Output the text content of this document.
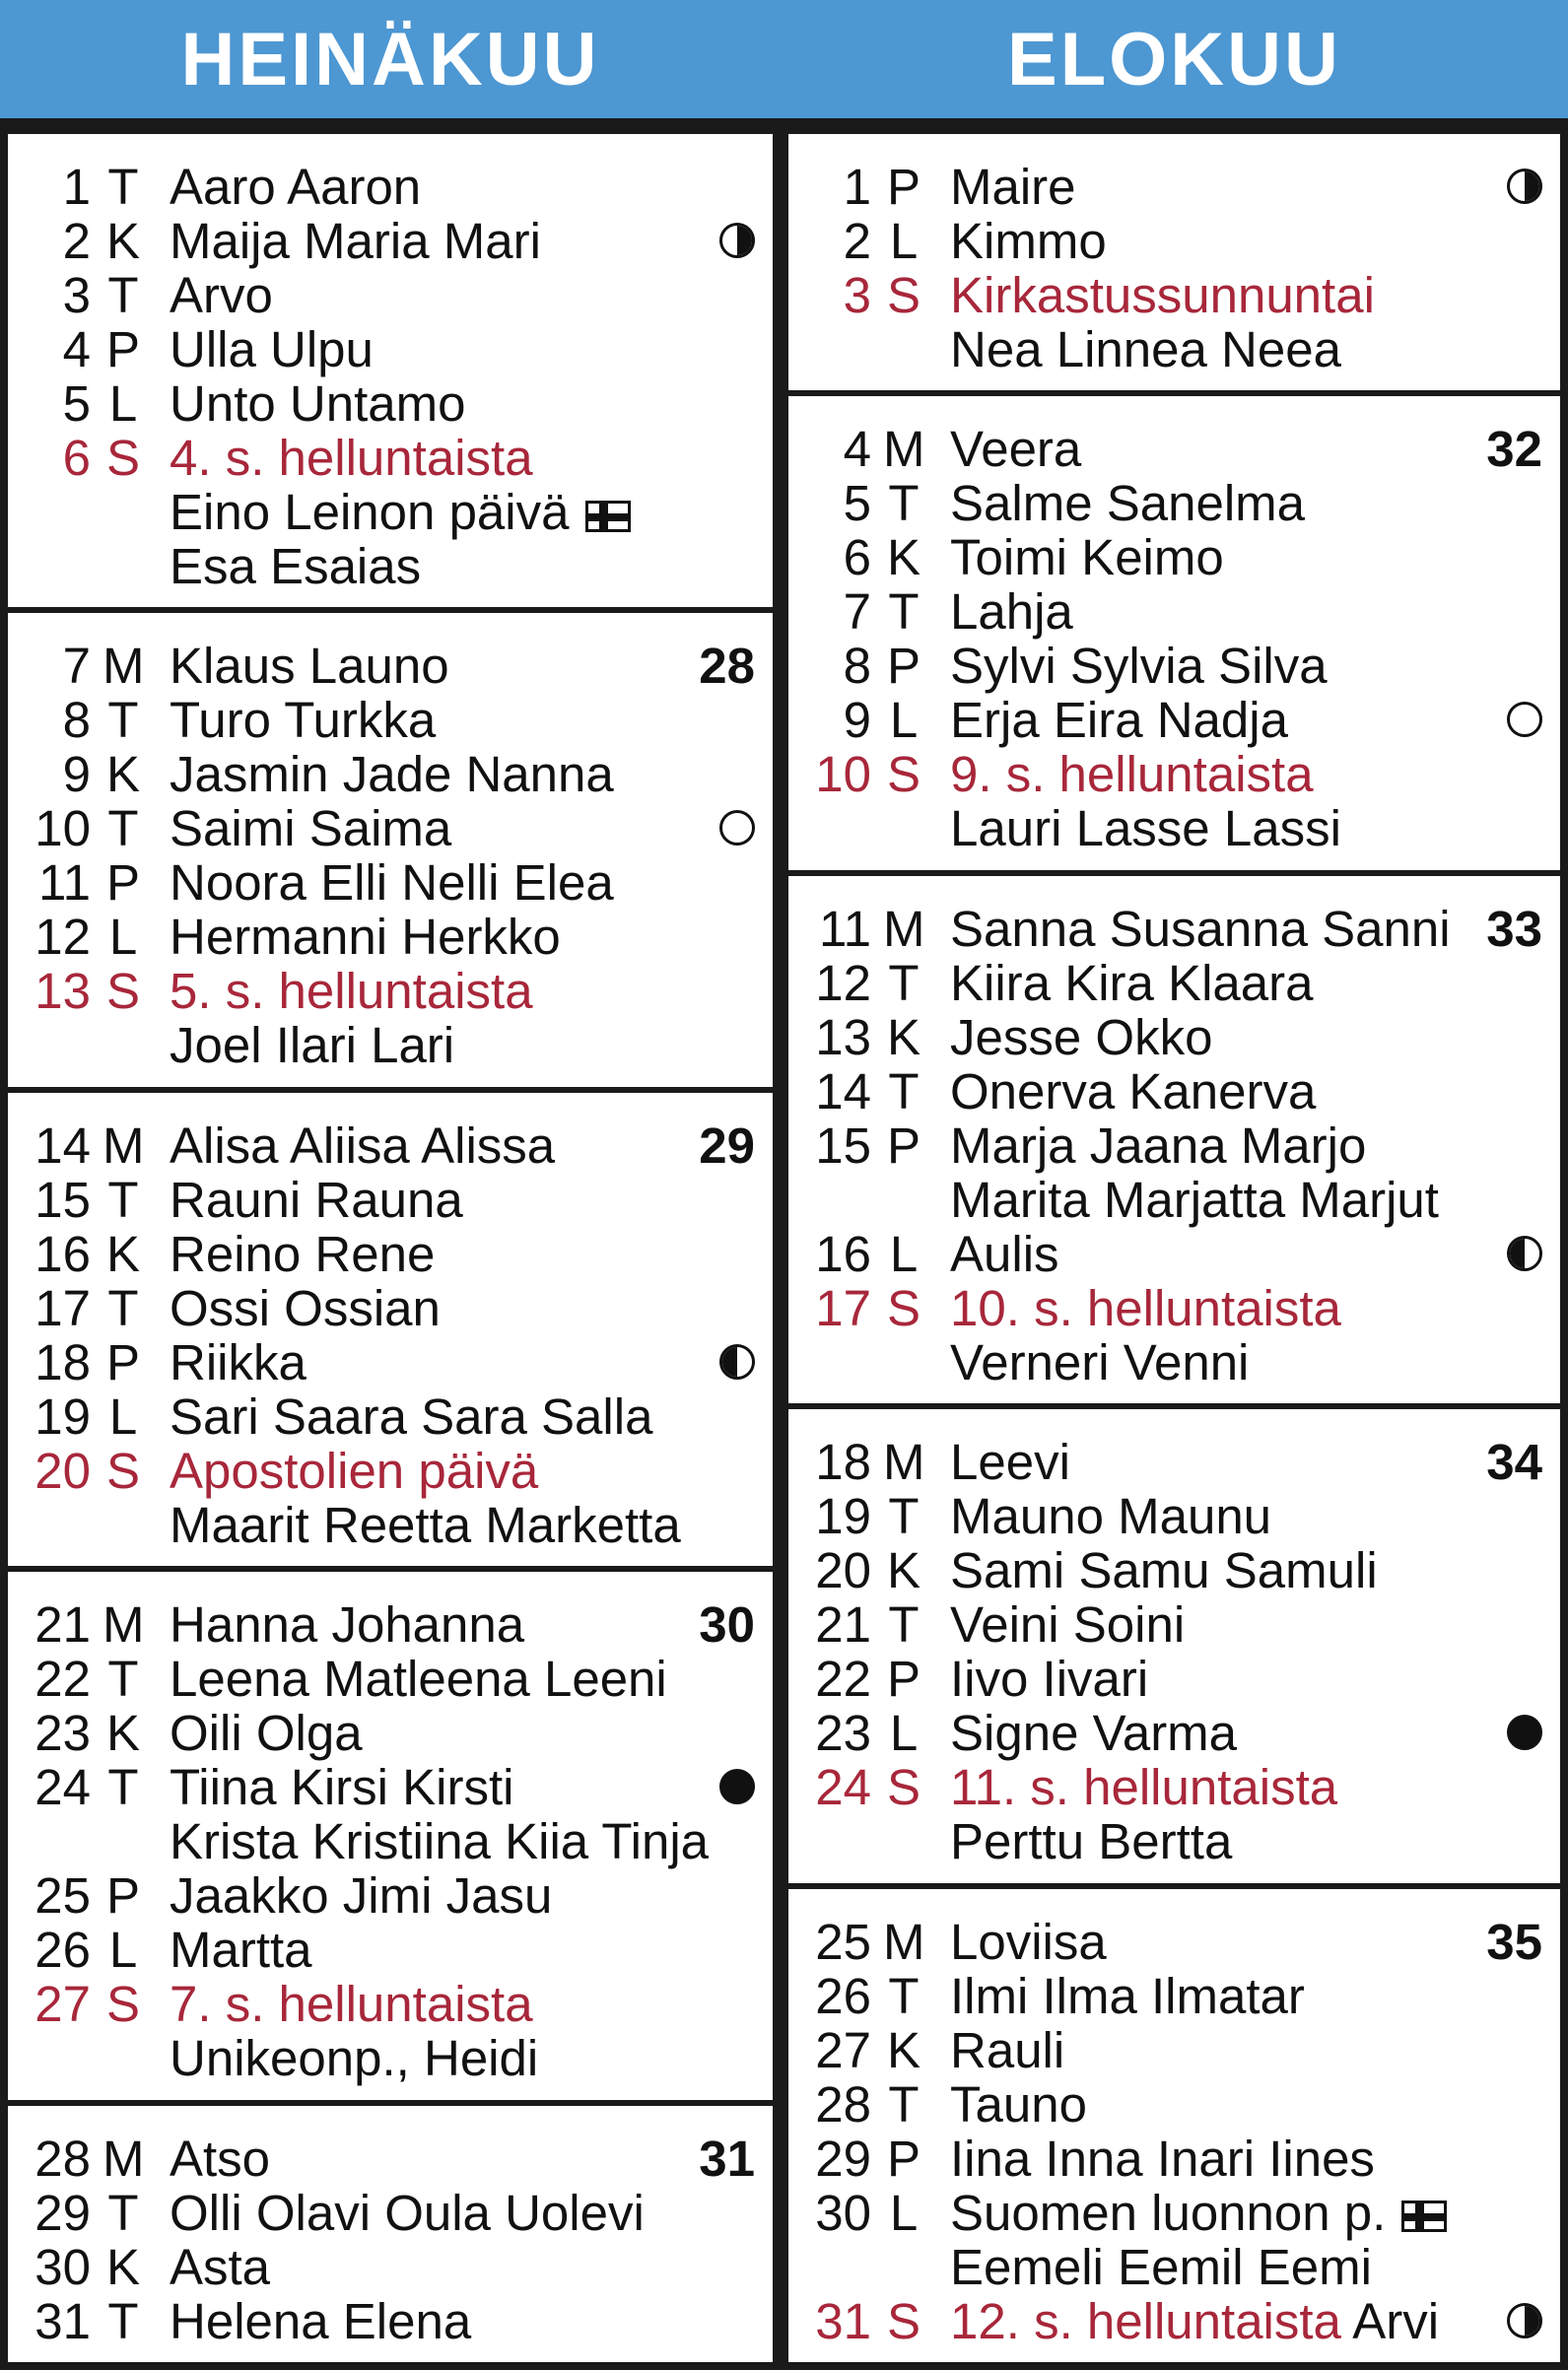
HEINÄKUU
1 T Aaro Aaron
2 K Maija Maria Mari
3 T Arvo
4 P Ulla Ulpu
5 L Unto Untamo
6 S 4. s. helluntaista
Eino Leinon päivä
Esa Esaias
7 M Klaus Launo	28
8 T Turo Turkka
9 K Jasmin Jade Nanna
10 T Saimi Saima
11 P Noora Elli Nelli Elea
12 L Hermanni Herkko
13 S 5. s. helluntaista
Joel Ilari Lari
14 M Alisa Aliisa Alissa	29
15 T Rauni Rauna
16 K Reino Rene
17 T Ossi Ossian
18 P Riikka
19 L Sari Saara Sara Salla
20 S Apostolien päivä
Maarit Reetta Marketta
21 M Hanna Johanna	30
22 T Leena Matleena Leeni
23 K Oili Olga
24 T Tiina Kirsi Kirsti
Krista Kristiina Kiia Tinja
25 P Jaakko Jimi Jasu
26 L Martta
27 S 7. s. helluntaista
Unikeonp., Heidi
28 M Atso	31
29 T Olli Olavi Oula Uolevi
30 K Asta
31 T Helena Elena
ELOKUU
1 P Maire
2 L Kimmo
3 S Kirkastussunnuntai
Nea Linnea Neea
4 M Veera	32
5 T Salme Sanelma
6 K Toimi Keimo
7 T Lahja
8 P Sylvi Sylvia Silva
9 L Erja Eira Nadja
10 S 9. s. helluntaista
Lauri Lasse Lassi
11 M Sanna Susanna Sanni 33
12 T Kiira Kira Klaara
13 K Jesse Okko
14 T Onerva Kanerva
15 P Marja Jaana Marjo
Marita Marjatta Marjut
16 L Aulis
17 S 10. s. helluntaista
Verneri Venni
18 M Leevi	34
19 T Mauno Maunu
20 K Sami Samu Samuli
21 T Veini Soini
22 P Iivo Iivari
23 L Signe Varma
24 S 11. s. helluntaista
Perttu Bertta
25 M Loviisa	35
26 T Ilmi Ilma Ilmatar
27 K Rauli
28 T Tauno
29 P Iina Inna Inari Iines
30 L Suomen luonnon p.
Eemeli Eemil Eemi
31 S 12. s. helluntaista Arvi
